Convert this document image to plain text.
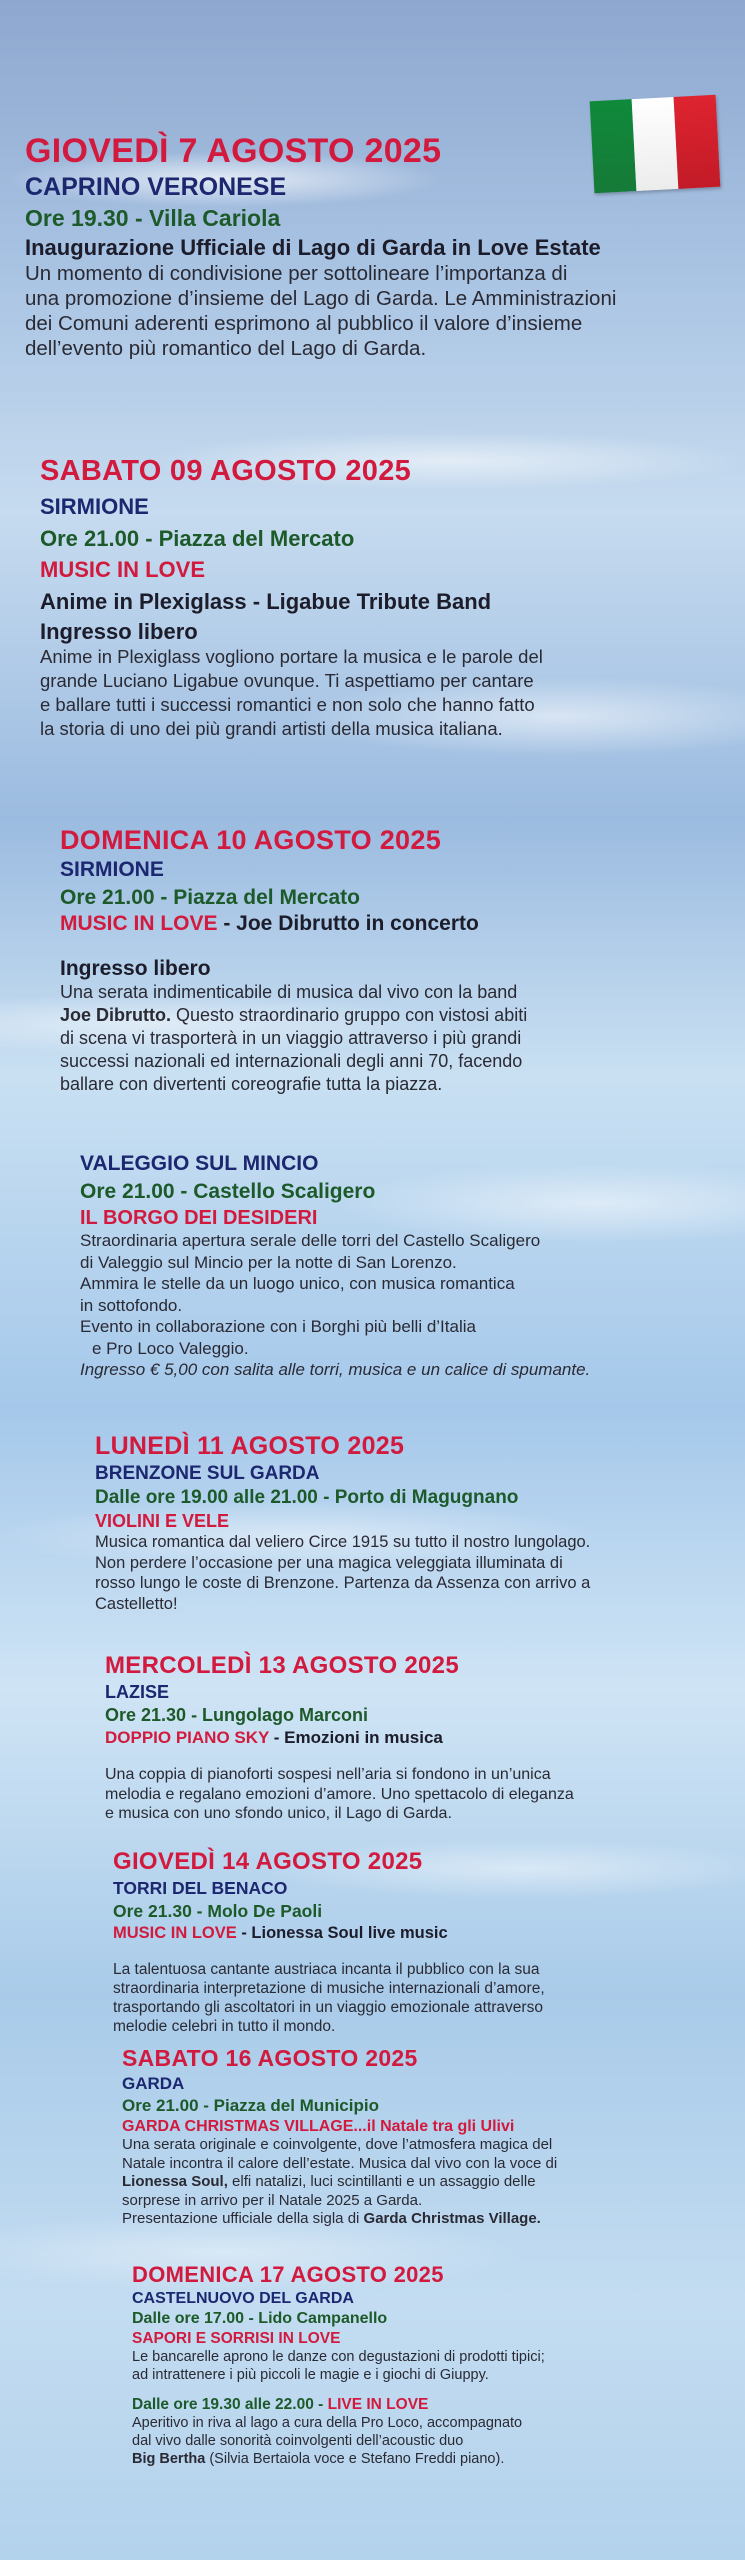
GIOVEDÌ 7 AGOSTO 2025

CAPRINO VERONESE

Ore 19.30 - Villa Cariola

Inaugurazione Ufficiale di Lago di Garda in Love Estate

Un momento di condivisione per sottolineare l’importanza di
una promozione d’insieme del Lago di Garda. Le Amministrazioni
dei Comuni aderenti esprimono al pubblico il valore d’insieme
dell’evento più romantico del Lago di Garda.

SABATO 09 AGOSTO 2025

SIRMIONE

Ore 21.00 - Piazza del Mercato

MUSIC IN LOVE

Anime in Plexiglass - Ligabue Tribute Band

Ingresso libero

Anime in Plexiglass vogliono portare la musica e le parole del
grande Luciano Ligabue ovunque. Ti aspettiamo per cantare
e ballare tutti i successi romantici e non solo che hanno fatto
la storia di uno dei più grandi artisti della musica italiana.

DOMENICA 10 AGOSTO 2025

SIRMIONE

Ore 21.00 - Piazza del Mercato

MUSIC IN LOVE - Joe Dibrutto in concerto

Ingresso libero

Una serata indimenticabile di musica dal vivo con la band
Joe Dibrutto. Questo straordinario gruppo con vistosi abiti
di scena vi trasporterà in un viaggio attraverso i più grandi
successi nazionali ed internazionali degli anni 70, facendo
ballare con divertenti coreografie tutta la piazza.

VALEGGIO SUL MINCIO

Ore 21.00 - Castello Scaligero

IL BORGO DEI DESIDERI

Straordinaria apertura serale delle torri del Castello Scaligero
di Valeggio sul Mincio per la notte di San Lorenzo.
Ammira le stelle da un luogo unico, con musica romantica
in sottofondo.
Evento in collaborazione con i Borghi più belli d’Italia
e Pro Loco Valeggio.
Ingresso € 5,00 con salita alle torri, musica e un calice di spumante.

LUNEDÌ 11 AGOSTO 2025

BRENZONE SUL GARDA

Dalle ore 19.00 alle 21.00 - Porto di Magugnano

VIOLINI E VELE

Musica romantica dal veliero Circe 1915 su tutto il nostro lungolago.
Non perdere l’occasione per una magica veleggiata illuminata di
rosso lungo le coste di Brenzone. Partenza da Assenza con arrivo a
Castelletto!

MERCOLEDÌ 13 AGOSTO 2025

LAZISE

Ore 21.30 - Lungolago Marconi

DOPPIO PIANO SKY - Emozioni in musica

Una coppia di pianoforti sospesi nell’aria si fondono in un’unica
melodia e regalano emozioni d’amore. Uno spettacolo di eleganza
e musica con uno sfondo unico, il Lago di Garda.

GIOVEDÌ 14 AGOSTO 2025

TORRI DEL BENACO

Ore 21.30 - Molo De Paoli

MUSIC IN LOVE - Lionessa Soul live music

La talentuosa cantante austriaca incanta il pubblico con la sua
straordinaria interpretazione di musiche internazionali d’amore,
trasportando gli ascoltatori in un viaggio emozionale attraverso
melodie celebri in tutto il mondo.

SABATO 16 AGOSTO 2025

GARDA

Ore 21.00 - Piazza del Municipio

GARDA CHRISTMAS VILLAGE...il Natale tra gli Ulivi

Una serata originale e coinvolgente, dove l’atmosfera magica del
Natale incontra il calore dell’estate. Musica dal vivo con la voce di
Lionessa Soul, elfi natalizi, luci scintillanti e un assaggio delle
sorprese in arrivo per il Natale 2025 a Garda.
Presentazione ufficiale della sigla di Garda Christmas Village.

DOMENICA 17 AGOSTO 2025

CASTELNUOVO DEL GARDA

Dalle ore 17.00 - Lido Campanello

SAPORI E SORRISI IN LOVE

Le bancarelle aprono le danze con degustazioni di prodotti tipici;
ad intrattenere i più piccoli le magie e i giochi di Giuppy.

Dalle ore 19.30 alle 22.00 - LIVE IN LOVE

Aperitivo in riva al lago a cura della Pro Loco, accompagnato
dal vivo dalle sonorità coinvolgenti dell’acoustic duo
Big Bertha (Silvia Bertaiola voce e Stefano Freddi piano).
